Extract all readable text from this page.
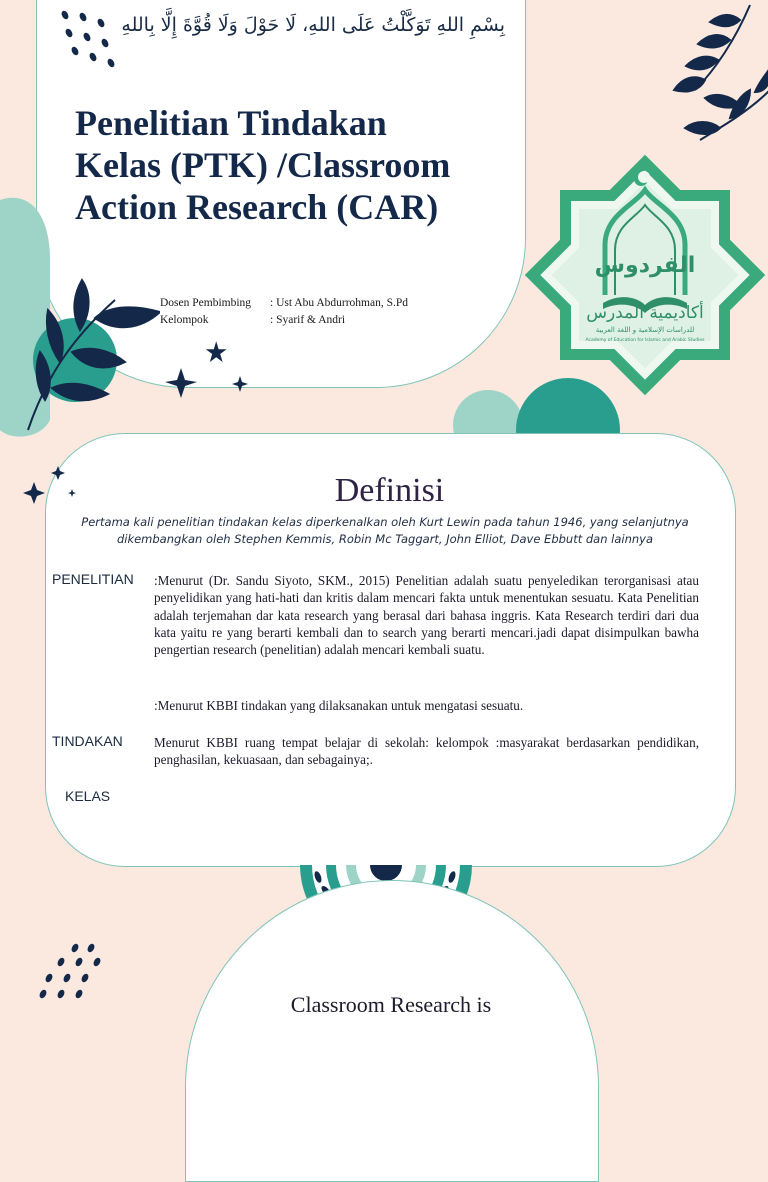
بِسْمِ اللهِ تَوَكَّلْتُ عَلَى اللهِ، لَا حَوْلَ وَلَا قُوَّةَ إِلَّا بِاللهِ
Penelitian Tindakan
Kelas (PTK) /Classroom
Action Research (CAR)
Dosen Pembimbing : Ust Abu Abdurrohman, S.Pd
Kelompok	: Syarif & Andri
الفردوس
أكاديمية المدرس
للدراسات الإسلامية و اللغة العربية
Academy of Education for Islamic and Arabic Studies
Definisi
Pertama kali penelitian tindakan kelas diperkenalkan oleh Kurt Lewin pada tahun 1946, yang selanjutnya dikembangkan oleh Stephen Kemmis, Robin Mc Taggart, John Elliot, Dave Ebbutt dan lainnya
PENELITIAN :Menurut (Dr. Sandu Siyoto, SKM., 2015) Penelitian adalah suatu penyeledikan terorganisasi atau penyelidikan yang hati-hati dan kritis dalam mencari fakta untuk menentukan sesuatu. Kata Penelitian adalah terjemahan dar kata research yang berasal dari bahasa inggris. Kata Research terdiri dari dua kata yaitu re yang berarti kembali dan to search yang berarti mencari.jadi dapat disimpulkan bawha pengertian research (penelitian) adalah mencari kembali suatu.
:Menurut KBBI tindakan yang dilaksanakan untuk mengatasi sesuatu.
TINDAKAN Menurut KBBI ruang tempat belajar di sekolah: kelompok :masyarakat berdasarkan pendidikan, penghasilan, kekuasaan, dan sebagainya;.
KELAS
Classroom Research is
